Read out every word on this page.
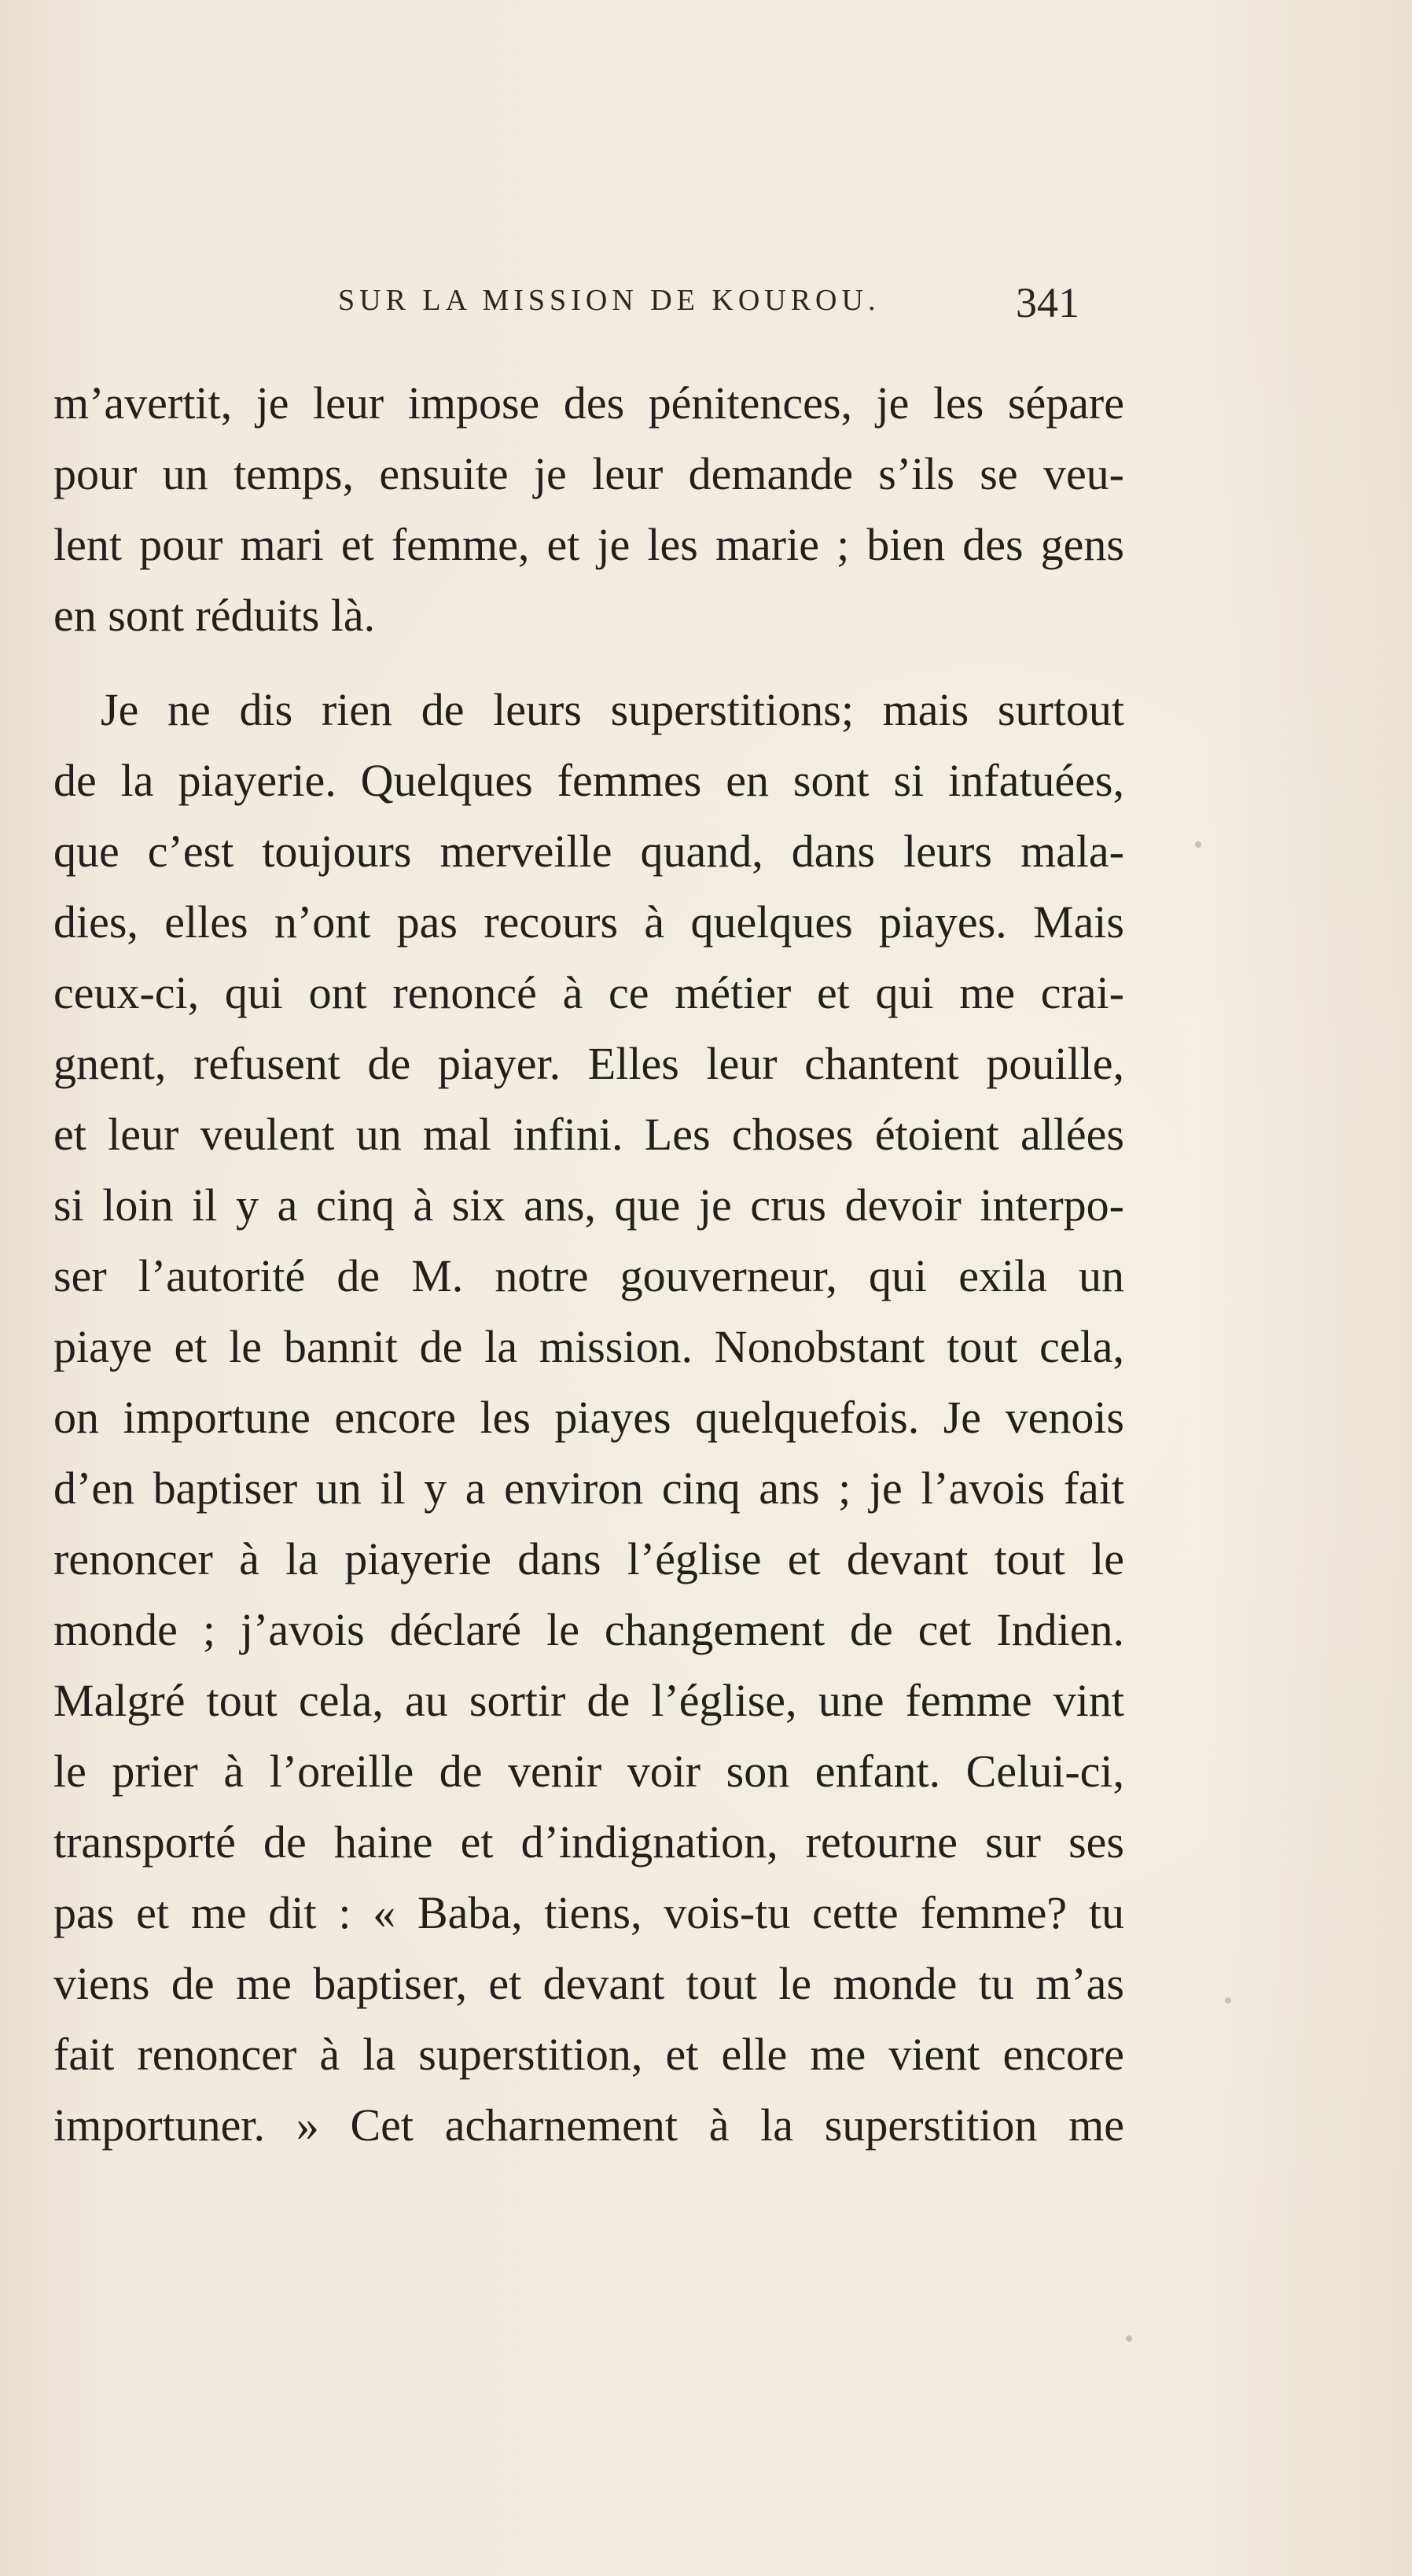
SUR LA MISSION DE KOUROU.	341
m’avertit, je leur impose des pénitences, je les sépare
pour un temps, ensuite je leur demande s’ils se veu-
lent pour mari et femme, et je les marie ; bien des gens
en sont réduits là.
Je ne dis rien de leurs superstitions; mais surtout
de la piayerie. Quelques femmes en sont si infatuées,
que c’est toujours merveille quand, dans leurs mala-
dies, elles n’ont pas recours à quelques piayes. Mais
ceux-ci, qui ont renoncé à ce métier et qui me crai-
gnent, refusent de piayer. Elles leur chantent pouille,
et leur veulent un mal infini. Les choses étoient allées
si loin il y a cinq à six ans, que je crus devoir interpo-
ser l’autorité de M. notre gouverneur, qui exila un
piaye et le bannit de la mission. Nonobstant tout cela,
on importune encore les piayes quelquefois. Je venois
d’en baptiser un il y a environ cinq ans ; je l’avois fait
renoncer à la piayerie dans l’église et devant tout le
monde ; j’avois déclaré le changement de cet Indien.
Malgré tout cela, au sortir de l’église, une femme vint
le prier à l’oreille de venir voir son enfant. Celui-ci,
transporté de haine et d’indignation, retourne sur ses
pas et me dit : « Baba, tiens, vois-tu cette femme? tu
viens de me baptiser, et devant tout le monde tu m’as
fait renoncer à la superstition, et elle me vient encore
importuner. » Cet acharnement à la superstition me
